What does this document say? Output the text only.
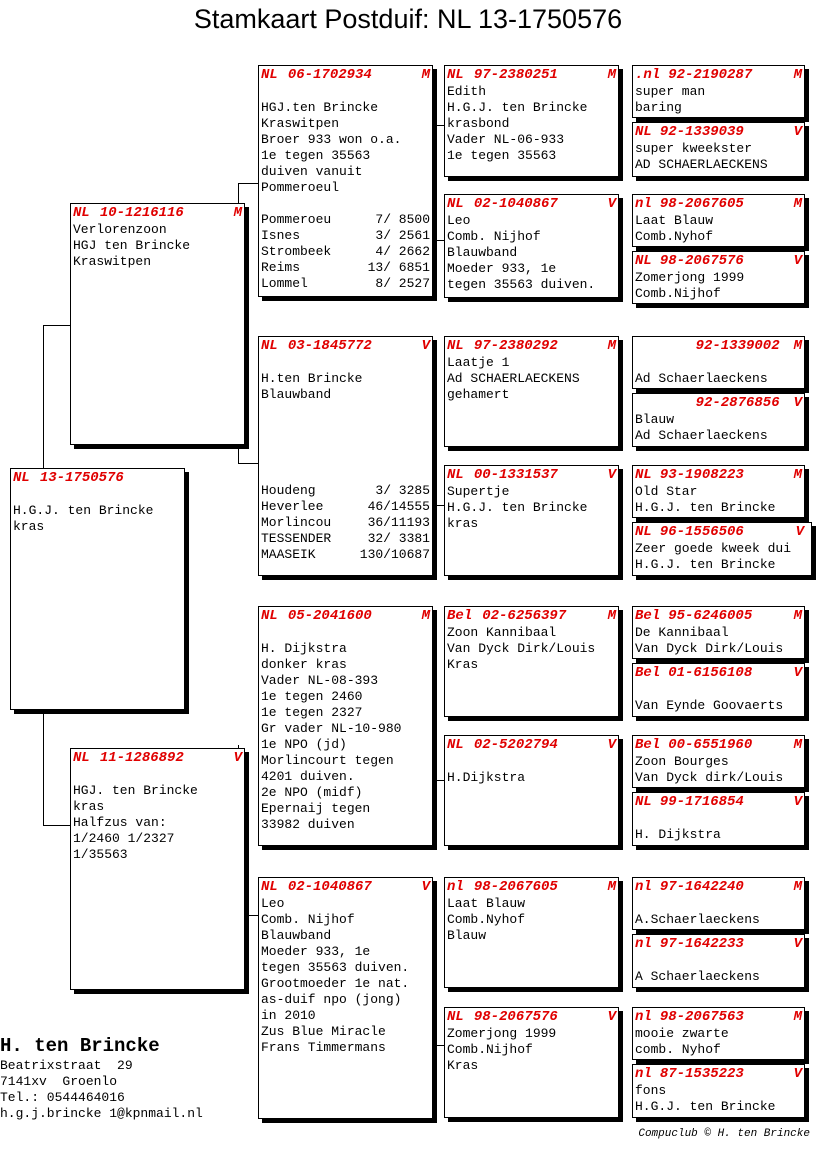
Stamkaart Postduif: NL 13-1750576
NL 13-1750576

H.G.J. ten Brincke
kras
NL 10-1216116	M
Verlorenzoon
HGJ ten Brincke
Kraswitpen
NL 11-1286892	V

HGJ. ten Brincke
kras
Halfzus van:
1/2460 1/2327
1/35563
NL 06-1702934	M

HGJ.ten Brincke
Kraswitpen
Broer 933 won o.a.
1e tegen 35563
duiven vanuit
Pommeroeul

Pommeroeu	7/ 8500
Isnes	3/ 2561
Strombeek	4/ 2662
Reims	13/ 6851
Lommel	8/ 2527
NL 03-1845772	V

H.ten Brincke
Blauwband

Houdeng	3/ 3285
Heverlee	46/14555
Morlincou	36/11193
TESSENDER	32/ 3381
MAASEIK	130/10687
NL 05-2041600	M

H. Dijkstra
donker kras
Vader NL-08-393
1e tegen 2460
1e tegen 2327
Gr vader NL-10-980
1e NPO (jd)
Morlincourt tegen
4201 duiven.
2e NPO (midf)
Epernaij tegen
33982 duiven
NL 02-1040867	V
Leo
Comb. Nijhof
Blauwband
Moeder 933, 1e
tegen 35563 duiven.
Grootmoeder 1e nat.
as-duif npo (jong)
in 2010
Zus Blue Miracle
Frans Timmermans
NL 97-2380251	M
Edith
H.G.J. ten Brincke
krasbond
Vader NL-06-933
1e tegen 35563
NL 02-1040867	V
Leo
Comb. Nijhof
Blauwband
Moeder 933, 1e
tegen 35563 duiven.
NL 97-2380292	M
Laatje 1
Ad SCHAERLAECKENS
gehamert
NL 00-1331537	V
Supertje
H.G.J. ten Brincke
kras
Bel 02-6256397	M
Zoon Kannibaal
Van Dyck Dirk/Louis
Kras
NL 02-5202794	V

H.Dijkstra
nl 98-2067605	M
Laat Blauw
Comb.Nyhof
Blauw
NL 98-2067576	V
Zomerjong 1999
Comb.Nijhof
Kras
.nl 92-2190287	M
super man
baring
NL 92-1339039	V
super kweekster
AD SCHAERLAECKENS
nl 98-2067605	M
Laat Blauw
Comb.Nyhof
NL 98-2067576	V
Zomerjong 1999
Comb.Nijhof
92-1339002	M

Ad Schaerlaeckens
92-2876856	V
Blauw
Ad Schaerlaeckens
NL 93-1908223	M
Old Star
H.G.J. ten Brincke
NL 96-1556506	V
Zeer goede kweek dui
H.G.J. ten Brincke
Bel 95-6246005	M
De Kannibaal
Van Dyck Dirk/Louis
Bel 01-6156108	V

Van Eynde Goovaerts
Bel 00-6551960	M
Zoon Bourges
Van Dyck dirk/Louis
NL 99-1716854	V

H. Dijkstra
nl 97-1642240	M

A.Schaerlaeckens
nl 97-1642233	V

A Schaerlaeckens
nl 98-2067563	M
mooie zwarte
comb. Nyhof
nl 87-1535223	V
fons
H.G.J. ten Brincke
H. ten Brincke
Beatrixstraat  29
7141xv  Groenlo
Tel.: 0544464016
h.g.j.brincke 1@kpnmail.nl
Compuclub © H. ten Brincke
